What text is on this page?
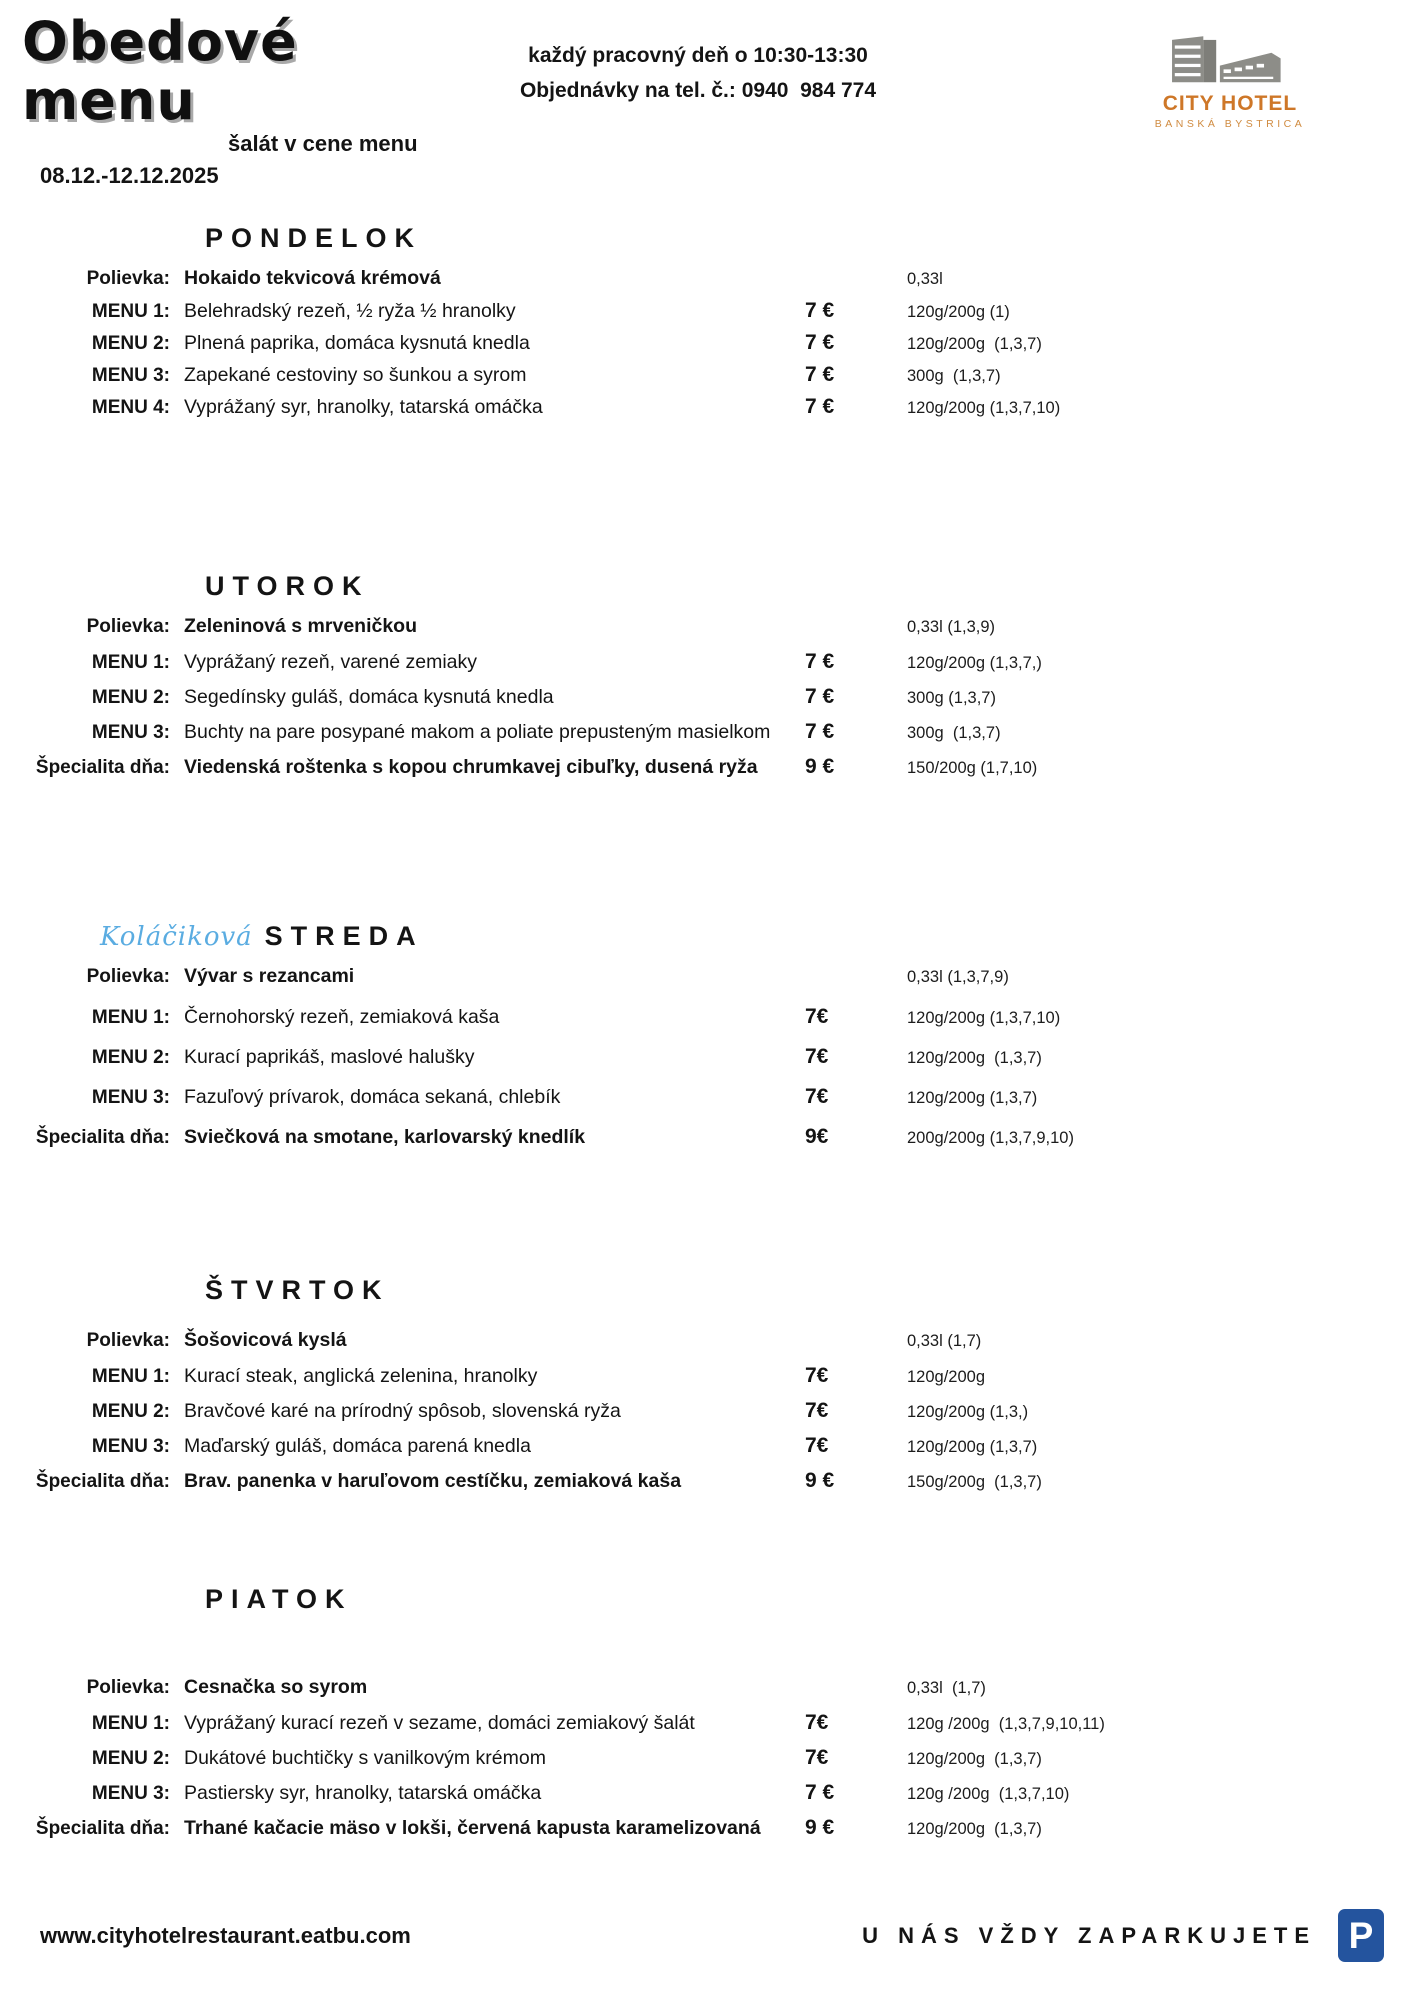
Obedové menu
šalát v cene menu
08.12.-12.12.2025
každý pracovný deň o 10:30-13:30
Objednávky na tel. č.: 0940  984 774
CITY HOTEL
BANSKÁ BYSTRICA
PONDELOK
Polievka: Hokaido tekvicová krémová	0,33l
MENU 1: Belehradský rezeň, ½ ryža ½ hranolky	7 €	120g/200g (1)
MENU 2: Plnená paprika, domáca kysnutá knedla	7 €	120g/200g  (1,3,7)
MENU 3: Zapekané cestoviny so šunkou a syrom	7 €	300g  (1,3,7)
MENU 4: Vyprážaný syr, hranolky, tatarská omáčka	7 €	120g/200g (1,3,7,10)
UTOROK
Polievka: Zeleninová s mrveničkou	0,33l (1,3,9)
MENU 1: Vyprážaný rezeň, varené zemiaky	7 €	120g/200g (1,3,7,)
MENU 2: Segedínsky guláš, domáca kysnutá knedla	7 €	300g (1,3,7)
MENU 3: Buchty na pare posypané makom a poliate prepusteným masielkom	7 €	300g  (1,3,7)
Špecialita dňa: Viedenská roštenka s kopou chrumkavej cibuľky, dusená ryža	9 €	150/200g (1,7,10)
Koláčiková STREDA
Polievka: Vývar s rezancami	0,33l (1,3,7,9)
MENU 1: Černohorský rezeň, zemiaková kaša	7€	120g/200g (1,3,7,10)
MENU 2: Kurací paprikáš, maslové halušky	7€	120g/200g  (1,3,7)
MENU 3: Fazuľový prívarok, domáca sekaná, chlebík	7€	120g/200g (1,3,7)
Špecialita dňa: Sviečková na smotane, karlovarský knedlík	9€	200g/200g (1,3,7,9,10)
ŠTVRTOK
Polievka: Šošovicová kyslá	0,33l (1,7)
MENU 1: Kurací steak, anglická zelenina, hranolky	7€	120g/200g
MENU 2: Bravčové karé na prírodný spôsob, slovenská ryža	7€	120g/200g (1,3,)
MENU 3: Maďarský guláš, domáca parená knedla	7€	120g/200g (1,3,7)
Špecialita dňa: Brav. panenka v haruľovom cestíčku, zemiaková kaša	9 €	150g/200g  (1,3,7)
PIATOK
Polievka: Cesnačka so syrom	0,33l  (1,7)
MENU 1: Vyprážaný kurací rezeň v sezame, domáci zemiakový šalát	7€	120g /200g  (1,3,7,9,10,11)
MENU 2: Dukátové buchtičky s vanilkovým krémom	7€	120g/200g  (1,3,7)
MENU 3: Pastiersky syr, hranolky, tatarská omáčka	7 €	120g /200g  (1,3,7,10)
Špecialita dňa: Trhané kačacie mäso v lokši, červená kapusta karamelizovaná	9 €	120g/200g  (1,3,7)
www.cityhotelrestaurant.eatbu.com	U NÁS VŽDY ZAPARKUJETE P
